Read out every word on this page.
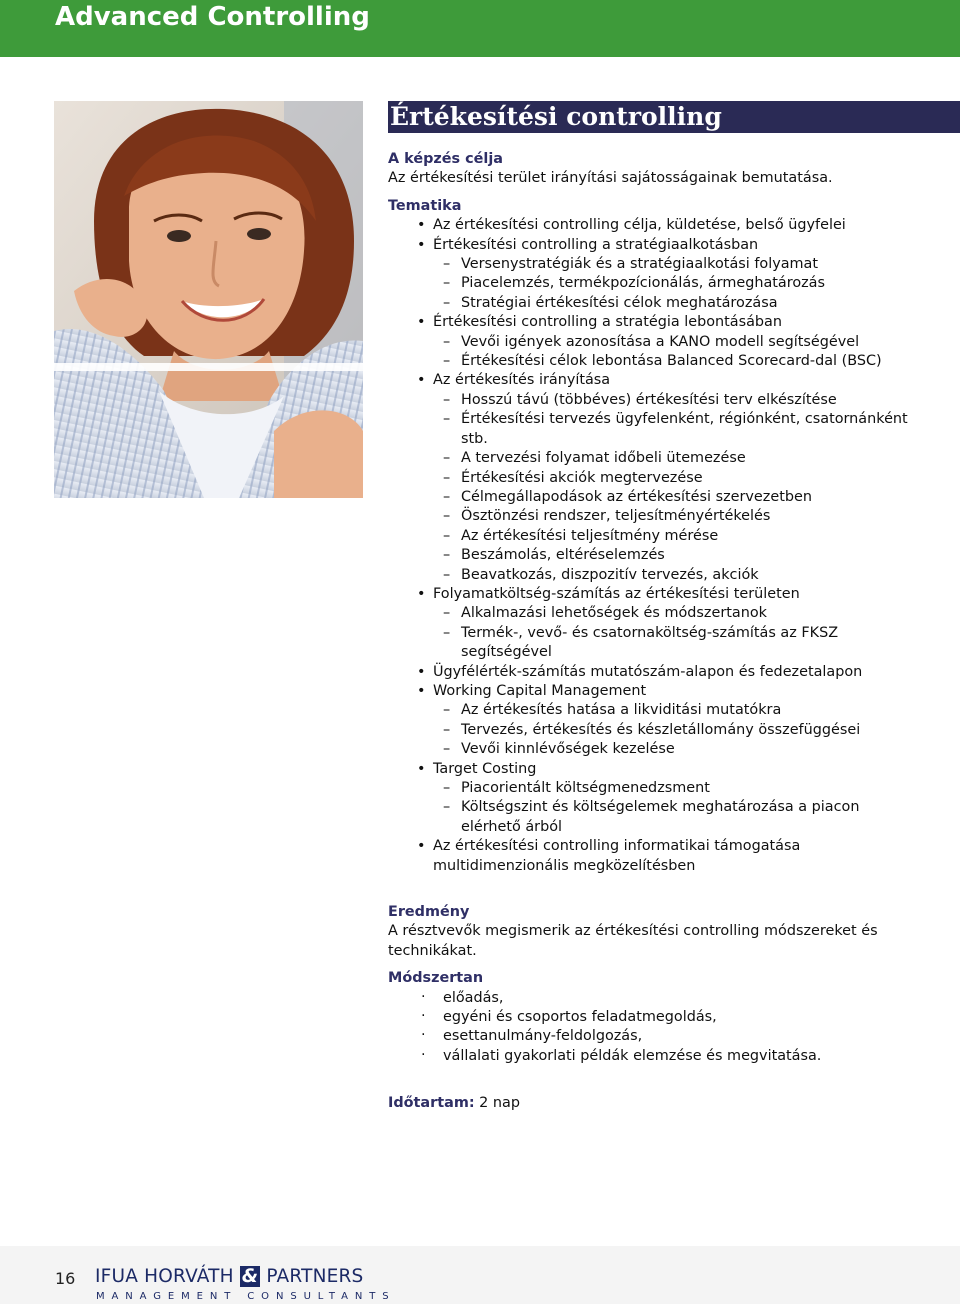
Advanced Controlling
Értékesítési controlling

A képzés célja

Az értékesítési terület irányítási sajátosságainak bemutatása.

Tematika

• Az értékesítési controlling célja, küldetése, belső ügyfelei
• Értékesítési controlling a stratégiaalkotásban
– Versenystratégiák és a stratégiaalkotási folyamat
– Piacelemzés, termékpozícionálás, ármeghatározás
– Stratégiai értékesítési célok meghatározása
• Értékesítési controlling a stratégia lebontásában
– Vevői igények azonosítása a KANO modell segítségével
– Értékesítési célok lebontása Balanced Scorecard-dal (BSC)
• Az értékesítés irányítása
– Hosszú távú (többéves) értékesítési terv elkészítése
– Értékesítési tervezés ügyfelenként, régiónként, csatornánként stb.
– A tervezési folyamat időbeli ütemezése
– Értékesítési akciók megtervezése
– Célmegállapodások az értékesítési szervezetben
– Ösztönzési rendszer, teljesítményértékelés
– Az értékesítési teljesítmény mérése
– Beszámolás, eltéréselemzés
– Beavatkozás, diszpozitív tervezés, akciók
• Folyamatköltség-számítás az értékesítési területen
– Alkalmazási lehetőségek és módszertanok
– Termék-, vevő- és csatornaköltség-számítás az FKSZ segítségével
• Ügyfélérték-számítás mutatószám-alapon és fedezetalapon
• Working Capital Management
– Az értékesítés hatása a likviditási mutatókra
– Tervezés, értékesítés és készletállomány összefüggései
– Vevői kinnlévőségek kezelése
• Target Costing
– Piacorientált költségmenedzsment
– Költségszint és költségelemek meghatározása a piacon elérhető árból
• Az értékesítési controlling informatikai támogatása multidimenzionális megközelítésben

Eredmény

A résztvevők megismerik az értékesítési controlling módszereket és technikákat.

Módszertan

· előadás,
· egyéni és csoportos feladatmegoldás,
· esettanulmány-feldolgozás,
· vállalati gyakorlati példák elemzése és megvitatása.
Időtartam: 2 nap
16 IFUA HORVÁTH & PARTNERS
MANAGEMENT CONSULTANTS
